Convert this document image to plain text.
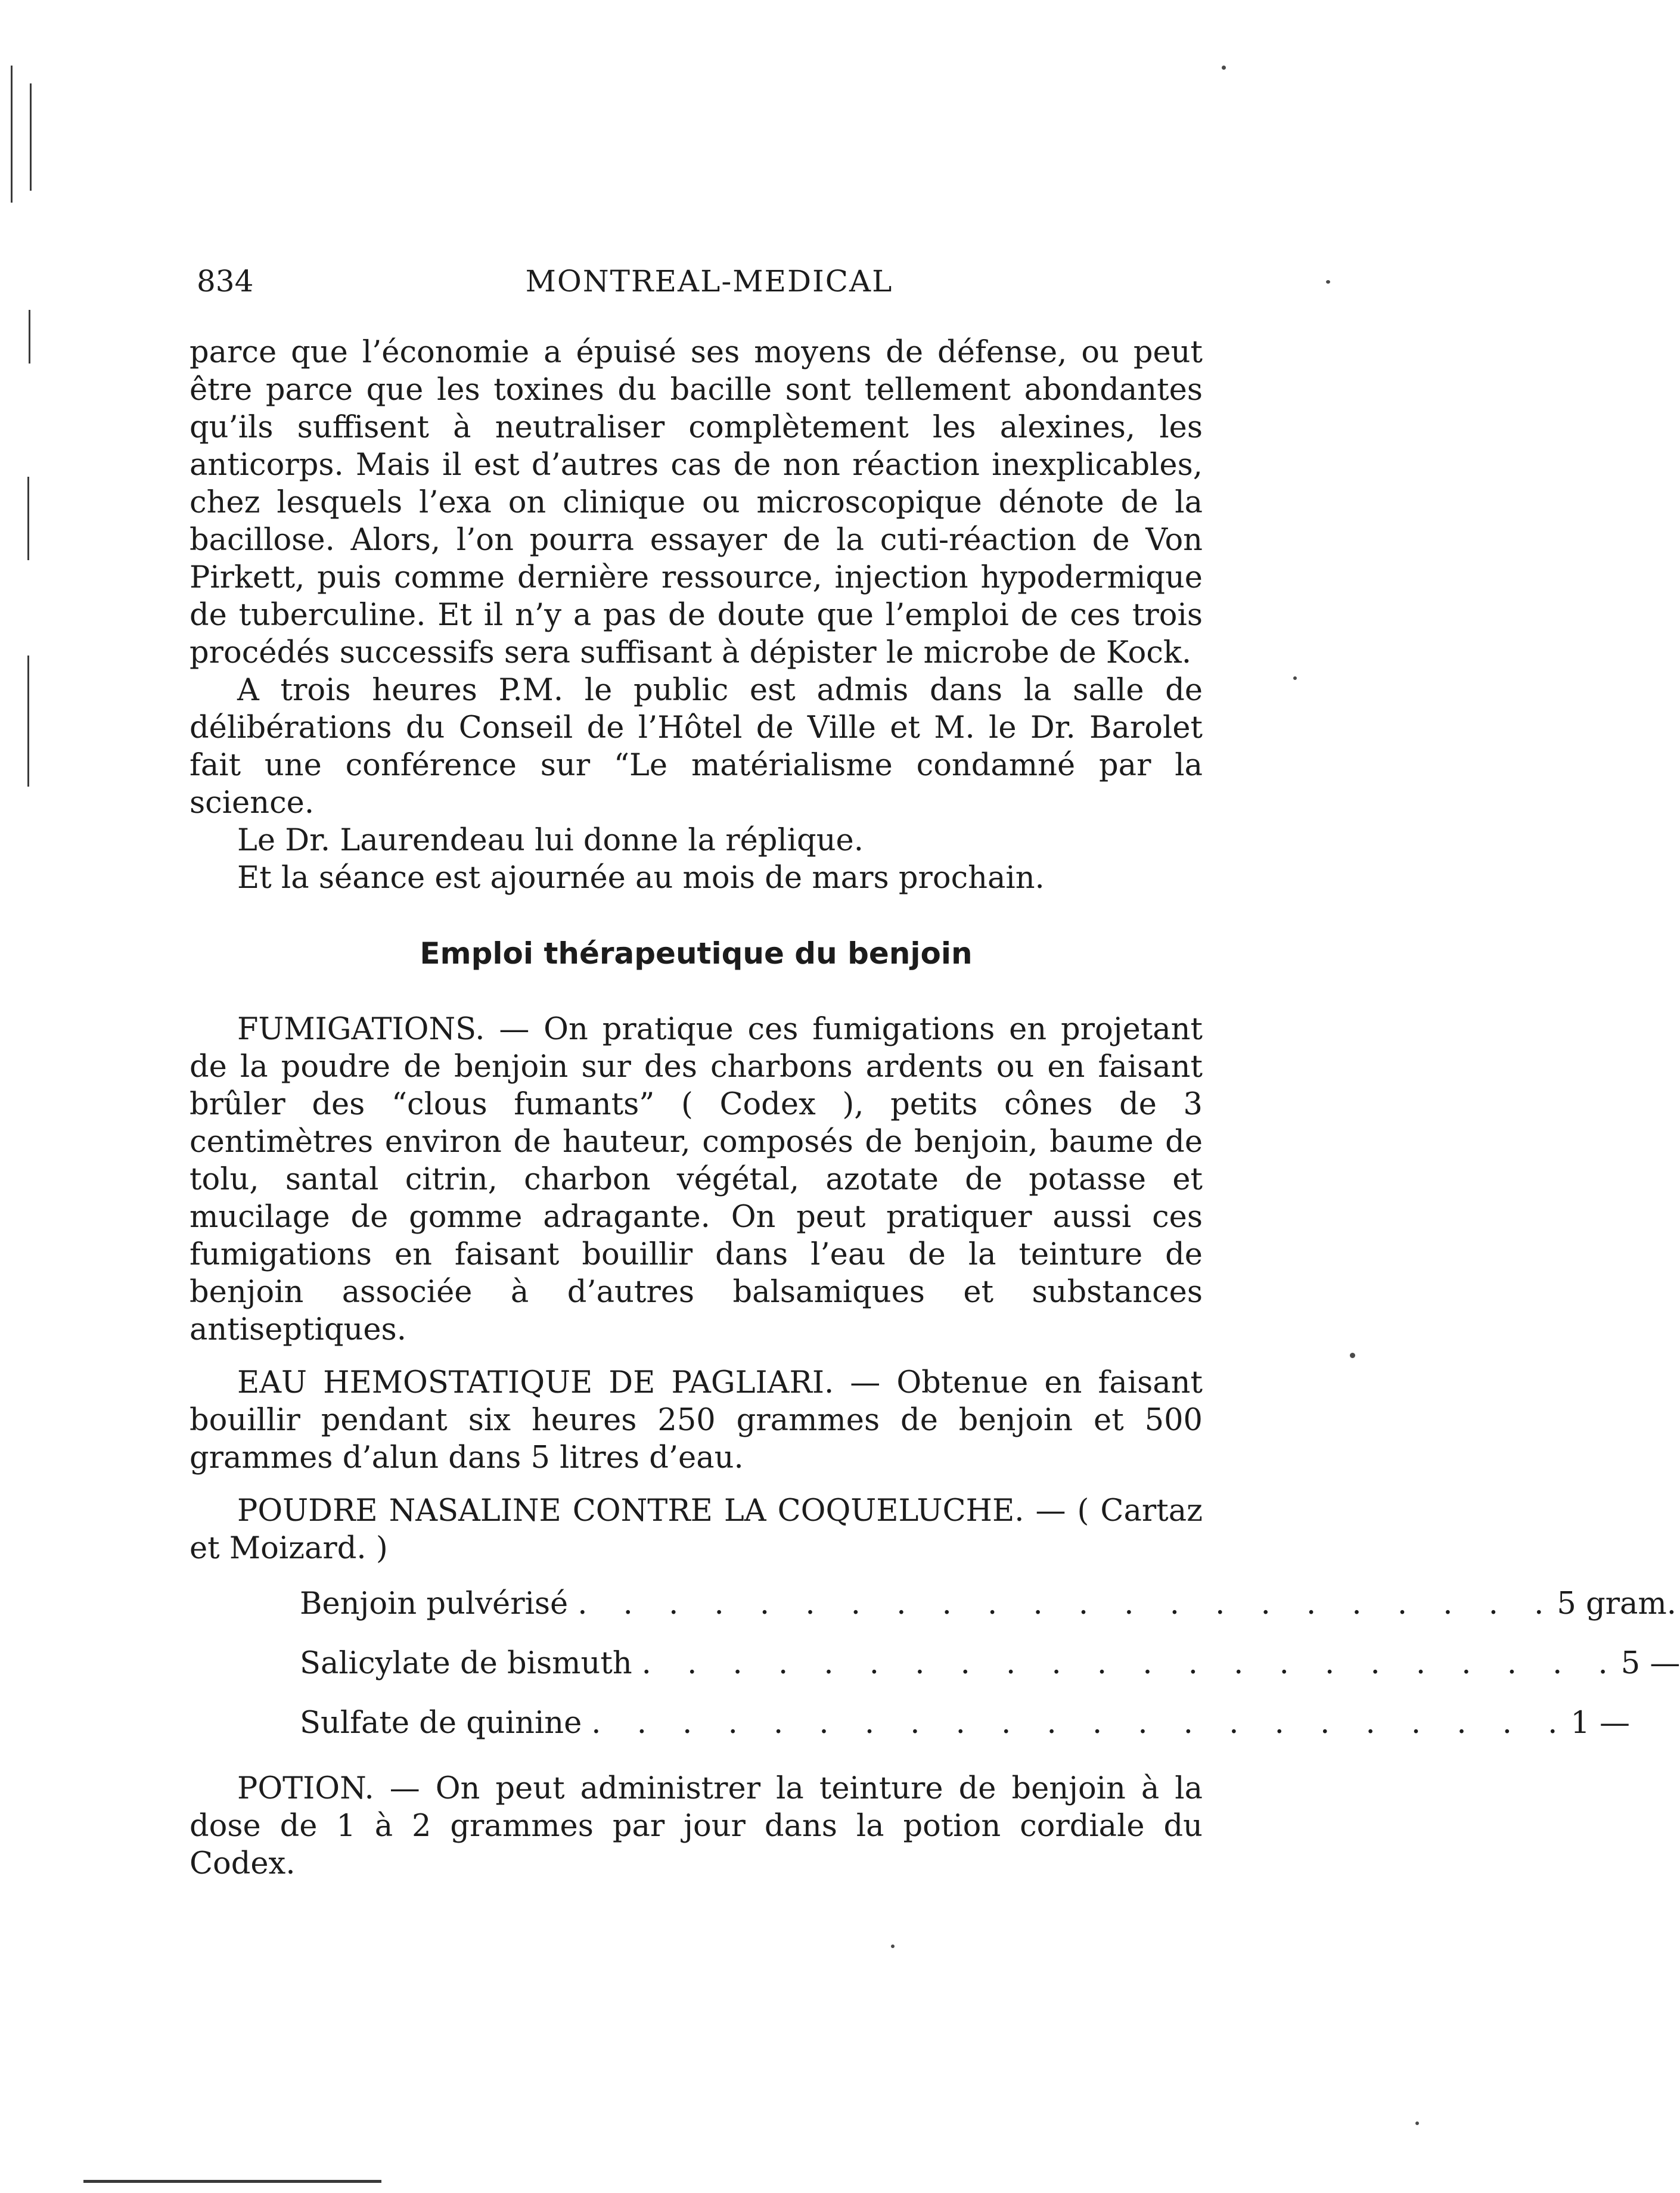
834	MONTREAL-MEDICAL

parce que l’économie a épuisé ses moyens de défense, ou peut être parce que les toxines du bacille sont tellement abondantes qu’ils suffisent à neutraliser complètement les alexines, les anticorps. Mais il est d’autres cas de non réaction inexplicables, chez lesquels l’exa on clinique ou microscopique dénote de la bacillose. Alors, l’on pourra essayer de la cuti-réaction de Von Pirkett, puis comme dernière ressource, injection hypodermique de tuberculine. Et il n’y a pas de doute que l’emploi de ces trois procédés successifs sera suffisant à dépister le microbe de Kock.

A trois heures P.M. le public est admis dans la salle de délibérations du Conseil de l’Hôtel de Ville et M. le Dr. Barolet fait une conférence sur “Le matérialisme condamné par la science.

Le Dr. Laurendeau lui donne la réplique.

Et la séance est ajournée au mois de mars prochain.

Emploi thérapeutique du benjoin

FUMIGATIONS. — On pratique ces fumigations en projetant de la poudre de benjoin sur des charbons ardents ou en faisant brûler des “clous fumants” ( Codex ), petits cônes de 3 centimètres environ de hauteur, composés de benjoin, baume de tolu, santal citrin, charbon végétal, azotate de potasse et mucilage de gomme adragante. On peut pratiquer aussi ces fumigations en faisant bouillir dans l’eau de la teinture de benjoin associée à d’autres balsamiques et substances antiseptiques.

EAU HEMOSTATIQUE DE PAGLIARI. — Obtenue en faisant bouillir pendant six heures 250 grammes de benjoin et 500 grammes d’alun dans 5 litres d’eau.

POUDRE NASALINE CONTRE LA COQUELUCHE. — ( Cartaz et Moizard. )

Benjoin pulvérisé . . . . . . . . . . . . . . . . . . . . . . 5 gram.
Salicylate de bismuth . . . . . . . . . . . . . . . . . . . . . . 5 —
Sulfate de quinine . . . . . . . . . . . . . . . . . . . . . . 1 —

POTION. — On peut administrer la teinture de benjoin à la dose de 1 à 2 grammes par jour dans la potion cordiale du Codex.
